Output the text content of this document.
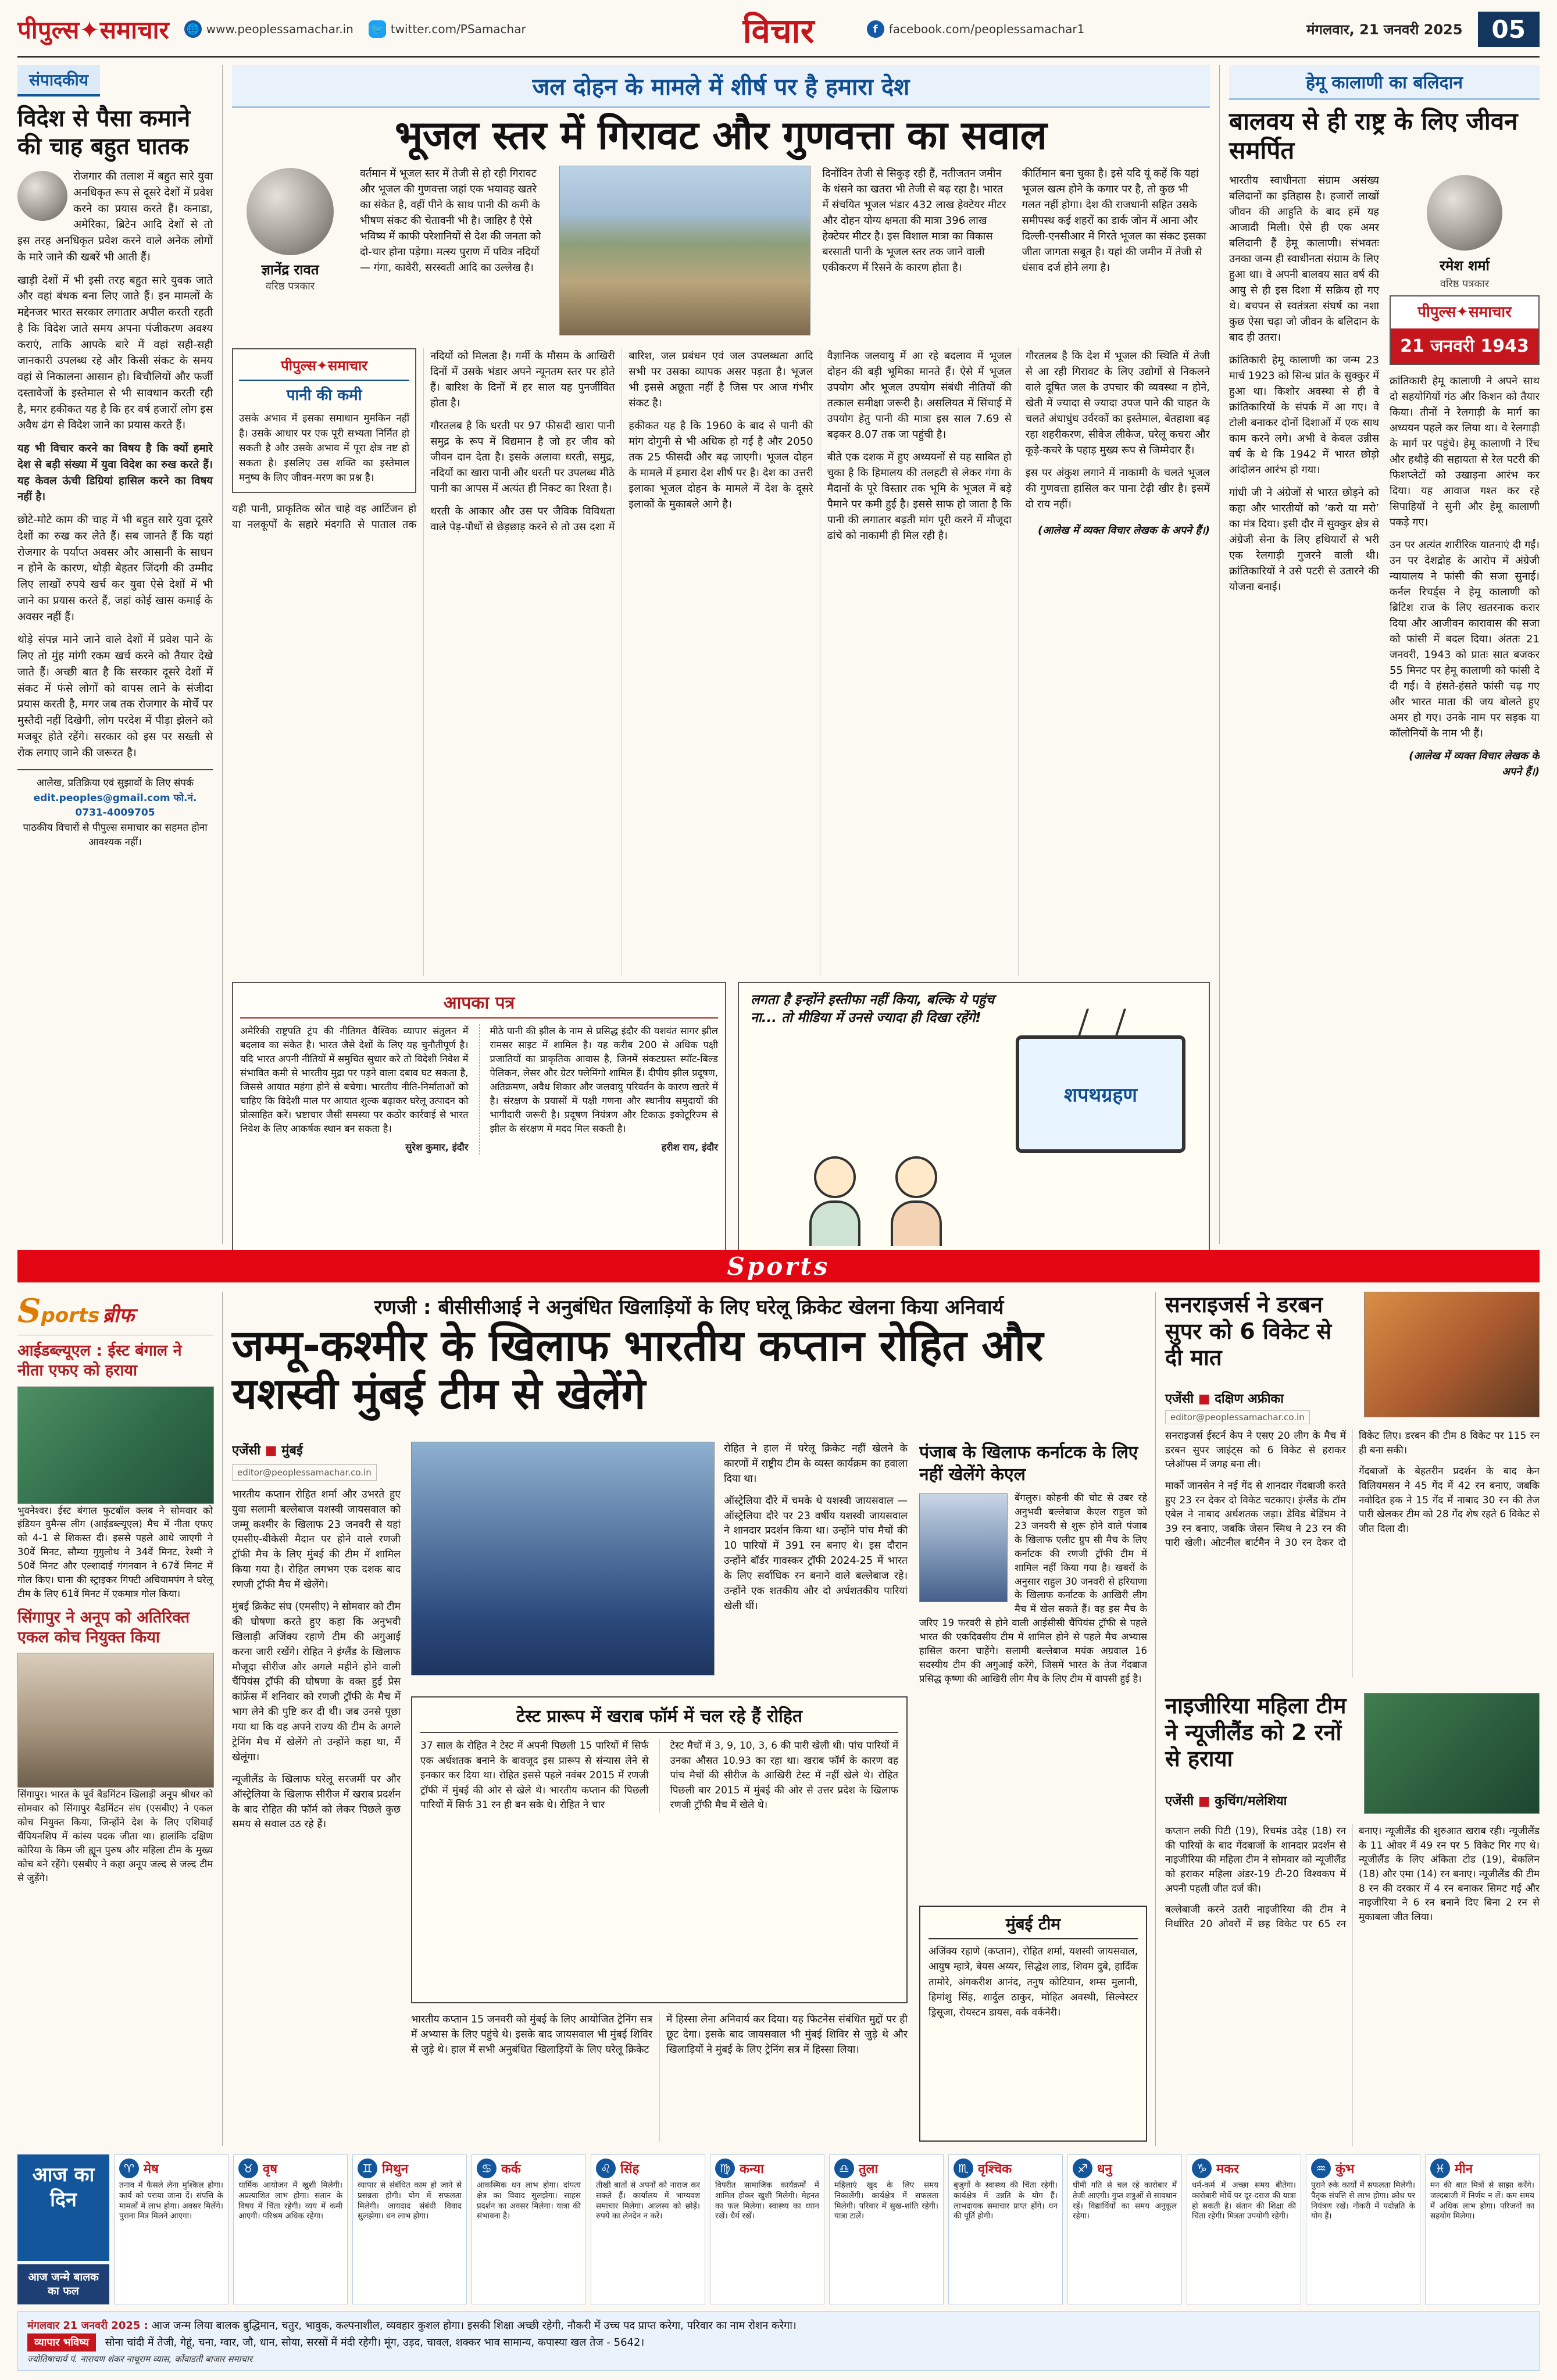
पीपुल्स✦समाचार 🌐 www.peoplessamachar.in 🐦 twitter.com/PSamachar	विचार	f facebook.com/peoplessamachar1	मंगलवार, 21 जनवरी 2025	05
संपादकीय
विदेश से पैसा कमाने की चाह बहुत घातक

रोजगार की तलाश में बहुत सारे युवा अनधिकृत रूप से दूसरे देशों में प्रवेश करने का प्रयास करते हैं। कनाडा, अमेरिका, ब्रिटेन आदि देशों से तो इस तरह अनधिकृत प्रवेश करने वाले अनेक लोगों के मारे जाने की खबरें भी आती हैं।

खाड़ी देशों में भी इसी तरह बहुत सारे युवक जाते और वहां बंधक बना लिए जाते हैं। इन मामलों के मद्देनजर भारत सरकार लगातार अपील करती रहती है कि विदेश जाते समय अपना पंजीकरण अवश्य कराएं, ताकि आपके बारे में वहां सही-सही जानकारी उपलब्ध रहे और किसी संकट के समय वहां से निकालना आसान हो। बिचौलियों और फर्जी दस्तावेजों के इस्तेमाल से भी सावधान करती रही है, मगर हकीकत यह है कि हर वर्ष हजारों लोग इस अवैध ढंग से विदेश जाने का प्रयास करते हैं।

यह भी विचार करने का विषय है कि क्यों हमारे देश से बड़ी संख्या में युवा विदेश का रुख करते हैं। यह केवल ऊंची डिग्रियां हासिल करने का विषय नहीं है।

छोटे-मोटे काम की चाह में भी बहुत सारे युवा दूसरे देशों का रुख कर लेते हैं। सब जानते हैं कि यहां रोजगार के पर्याप्त अवसर और आसानी के साधन न होने के कारण, थोड़ी बेहतर जिंदगी की उम्मीद लिए लाखों रुपये खर्च कर युवा ऐसे देशों में भी जाने का प्रयास करते हैं, जहां कोई खास कमाई के अवसर नहीं हैं।

थोड़े संपन्न माने जाने वाले देशों में प्रवेश पाने के लिए तो मुंह मांगी रकम खर्च करने को तैयार देखे जाते हैं। अच्छी बात है कि सरकार दूसरे देशों में संकट में फंसे लोगों को वापस लाने के संजीदा प्रयास करती है, मगर जब तक रोजगार के मोर्चे पर मुस्तैदी नहीं दिखेगी, लोग परदेश में पीड़ा झेलने को मजबूर होते रहेंगे। सरकार को इस पर सख्ती से रोक लगाए जाने की जरूरत है।

आलेख, प्रतिक्रिया एवं सुझावों के लिए संपर्क
edit.peoples@gmail.com फो.नं. 0731-4009705
पाठकीय विचारों से पीपुल्स समाचार का सहमत होना आवश्यक नहीं।
जल दोहन के मामले में शीर्ष पर है हमारा देश
भूजल स्तर में गिरावट और गुणवत्ता का सवाल
ज्ञानेंद्र रावत
वरिष्ठ पत्रकार
वर्तमान में भूजल स्तर में तेजी से हो रही गिरावट और भूजल की गुणवत्ता जहां एक भयावह खतरे का संकेत है, वहीं पीने के साथ पानी की कमी के भीषण संकट की चेतावनी भी है। जाहिर है ऐसे भविष्य में काफी परेशानियों से देश की जनता को दो-चार होना पड़ेगा। मत्स्य पुराण में पवित्र नदियों — गंगा, कावेरी, सरस्वती आदि का उल्लेख है।
दिनोंदिन तेजी से सिकुड़ रही हैं, नतीजतन जमीन के धंसने का खतरा भी तेजी से बढ़ रहा है। भारत में संचयित भूजल भंडार 432 लाख हेक्टेयर मीटर और दोहन योग्य क्षमता की मात्रा 396 लाख हेक्टेयर मीटर है। इस विशाल मात्रा का विकास बरसाती पानी के भूजल स्तर तक जाने वाली एकीकरण में रिसने के कारण होता है।
कीर्तिमान बना चुका है। इसे यदि यूं कहें कि यहां भूजल खत्म होने के कगार पर है, तो कुछ भी गलत नहीं होगा। देश की राजधानी सहित उसके समीपस्थ कई शहरों का डार्क जोन में आना और दिल्ली-एनसीआर में गिरते भूजल का संकट इसका जीता जागता सबूत है। यहां की जमीन में तेजी से धंसाव दर्ज होने लगा है।
पीपुल्स✦समाचार
पानी की कमी
उसके अभाव में इसका समाधान मुमकिन नहीं है। उसके आधार पर एक पूरी सभ्यता निर्मित हो सकती है और उसके अभाव में पूरा क्षेत्र नष्ट हो सकता है। इसलिए उस शक्ति का इस्तेमाल मनुष्य के लिए जीवन-मरण का प्रश्न है।

यही पानी, प्राकृतिक स्रोत चाहे वह आर्टिजन हो या नलकूपों के सहारे मंदगति से पाताल तक नदियों को मिलता है। गर्मी के मौसम के आखिरी दिनों में उसके भंडार अपने न्यूनतम स्तर पर होते हैं। बारिश के दिनों में हर साल यह पुनर्जीवित होता है।

गौरतलब है कि धरती पर 97 फीसदी खारा पानी समुद्र के रूप में विद्यमान है जो हर जीव को जीवन दान देता है। इसके अलावा धरती, समुद्र, नदियों का खारा पानी और धरती पर उपलब्ध मीठे पानी का आपस में अत्यंत ही निकट का रिश्ता है।

धरती के आकार और उस पर जैविक विविधता वाले पेड़-पौधों से छेड़छाड़ करने से तो उस दशा में बारिश, जल प्रबंधन एवं जल उपलब्धता आदि सभी पर उसका व्यापक असर पड़ता है। भूजल भी इससे अछूता नहीं है जिस पर आज गंभीर संकट है।

हकीकत यह है कि 1960 के बाद से पानी की मांग दोगुनी से भी अधिक हो गई है और 2050 तक 25 फीसदी और बढ़ जाएगी। भूजल दोहन के मामले में हमारा देश शीर्ष पर है। देश का उत्तरी इलाका भूजल दोहन के मामले में देश के दूसरे इलाकों के मुकाबले आगे है।

वैज्ञानिक जलवायु में आ रहे बदलाव में भूजल दोहन की बड़ी भूमिका मानते हैं। ऐसे में भूजल उपयोग और भूजल उपयोग संबंधी नीतियों की तत्काल समीक्षा जरूरी है। असलियत में सिंचाई में उपयोग हेतु पानी की मात्रा इस साल 7.69 से बढ़कर 8.07 तक जा पहुंची है।

बीते एक दशक में हुए अध्ययनों से यह साबित हो चुका है कि हिमालय की तलहटी से लेकर गंगा के मैदानों के पूरे विस्तार तक भूमि के भूजल में बड़े पैमाने पर कमी हुई है। इससे साफ हो जाता है कि पानी की लगातार बढ़ती मांग पूरी करने में मौजूदा ढांचे को नाकामी ही मिल रही है।

गौरतलब है कि देश में भूजल की स्थिति में तेजी से आ रही गिरावट के लिए उद्योगों से निकलने वाले दूषित जल के उपचार की व्यवस्था न होने, खेती में ज्यादा से ज्यादा उपज पाने की चाहत के चलते अंधाधुंध उर्वरकों का इस्तेमाल, बेतहाशा बढ़ रहा शहरीकरण, सीवेज लीकेज, घरेलू कचरा और कूड़े-कचरे के पहाड़ मुख्य रूप से जिम्मेदार हैं।

इस पर अंकुश लगाने में नाकामी के चलते भूजल की गुणवत्ता हासिल कर पाना टेढ़ी खीर है। इसमें दो राय नहीं।

(आलेख में व्यक्त विचार लेखक के अपने हैं।)

आपका पत्र
अमेरिकी राष्ट्रपति ट्रंप की नीतिगत वैश्विक व्यापार संतुलन में बदलाव का संकेत है। भारत जैसे देशों के लिए यह चुनौतीपूर्ण है। यदि भारत अपनी नीतियों में समुचित सुधार करे तो विदेशी निवेश में संभावित कमी से भारतीय मुद्रा पर पड़ने वाला दबाव घट सकता है, जिससे आयात महंगा होने से बचेगा। भारतीय नीति-निर्माताओं को चाहिए कि विदेशी माल पर आयात शुल्क बढ़ाकर घरेलू उत्पादन को प्रोत्साहित करें। भ्रष्टाचार जैसी समस्या पर कठोर कार्रवाई से भारत निवेश के लिए आकर्षक स्थान बन सकता है।
सुरेश कुमार, इंदौर
मीठे पानी की झील के नाम से प्रसिद्ध इंदौर की यशवंत सागर झील रामसर साइट में शामिल है। यह करीब 200 से अधिक पक्षी प्रजातियों का प्राकृतिक आवास है, जिनमें संकटग्रस्त स्पॉट-बिल्ड पेलिकन, लेसर और ग्रेटर फ्लेमिंगो शामिल हैं। दीपीय झील प्रदूषण, अतिक्रमण, अवैध शिकार और जलवायु परिवर्तन के कारण खतरे में है। संरक्षण के प्रयासों में पक्षी गणना और स्थानीय समुदायों की भागीदारी जरूरी है। प्रदूषण नियंत्रण और टिकाऊ इकोटूरिज्म से झील के संरक्षण में मदद मिल सकती है।
हरीश राय, इंदौर
लगता है इन्होंने इस्तीफा नहीं किया, बल्कि ये पहुंच ना... तो मीडिया में उनसे ज्यादा ही दिखा रहेंगे!
शपथग्रहण
हेमू कालाणी का बलिदान
बालवय से ही राष्ट्र के लिए जीवन समर्पित

भारतीय स्वाधीनता संग्राम असंख्य बलिदानों का इतिहास है। हजारों लाखों जीवन की आहुति के बाद हमें यह आजादी मिली। ऐसे ही एक अमर बलिदानी हैं हेमू कालाणी। संभवतः उनका जन्म ही स्वाधीनता संग्राम के लिए हुआ था। वे अपनी बालवय सात वर्ष की आयु से ही इस दिशा में सक्रिय हो गए थे। बचपन से स्वतंत्रता संघर्ष का नशा कुछ ऐसा चढ़ा जो जीवन के बलिदान के बाद ही उतरा।

क्रांतिकारी हेमू कालाणी का जन्म 23 मार्च 1923 को सिन्ध प्रांत के सुक्कुर में हुआ था। किशोर अवस्था से ही वे क्रांतिकारियों के संपर्क में आ गए। वे टोली बनाकर दोनों दिशाओं में एक साथ काम करने लगे। अभी वे केवल उन्नीस वर्ष के थे कि 1942 में भारत छोड़ो आंदोलन आरंभ हो गया।

गांधी जी ने अंग्रेजों से भारत छोड़ने को कहा और भारतीयों को ‘करो या मरो’ का मंत्र दिया। इसी दौर में सुक्कुर क्षेत्र से अंग्रेजी सेना के लिए हथियारों से भरी एक रेलगाड़ी गुजरने वाली थी। क्रांतिकारियों ने उसे पटरी से उतारने की योजना बनाई।

रमेश शर्मा
वरिष्ठ पत्रकार
पीपुल्स✦समाचार
21 जनवरी 1943

क्रांतिकारी हेमू कालाणी ने अपने साथ दो सहयोगियों गंठ और किशन को तैयार किया। तीनों ने रेलगाड़ी के मार्ग का अध्ययन पहले कर लिया था। वे रेलगाड़ी के मार्ग पर पहुंचे। हेमू कालाणी ने रिंच और हथौड़े की सहायता से रेल पटरी की फिशप्लेटों को उखाड़ना आरंभ कर दिया। यह आवाज गश्त कर रहे सिपाहियों ने सुनी और हेमू कालाणी पकड़े गए।

उन पर अत्यंत शारीरिक यातनाएं दी गईं। उन पर देशद्रोह के आरोप में अंग्रेजी न्यायालय ने फांसी की सजा सुनाई। कर्नल रिचर्ड्स ने हेमू कालाणी को ब्रिटिश राज के लिए खतरनाक करार दिया और आजीवन कारावास की सजा को फांसी में बदल दिया। अंततः 21 जनवरी, 1943 को प्रातः सात बजकर 55 मिनट पर हेमू कालाणी को फांसी दे दी गई। वे हंसते-हंसते फांसी चढ़ गए और भारत माता की जय बोलते हुए अमर हो गए। उनके नाम पर सड़क या कॉलोनियों के नाम भी हैं।

(आलेख में व्यक्त विचार लेखक के अपने हैं।)
Sports
Sports ब्रीफ
आईडब्ल्यूएल : ईस्ट बंगाल ने नीता एफए को हराया

भुवनेश्वर। ईस्ट बंगाल फुटबॉल क्लब ने सोमवार को इंडियन वुमैन्स लीग (आईडब्ल्यूएल) मैच में नीता एफए को 4-1 से शिकस्त दी। इससे पहले आधे जाएगी ने 30वें मिनट, सौम्या गुगुलोथ ने 34वें मिनट, रेश्मी ने 50वें मिनट और एल्शादाई गंगनवान ने 67वें मिनट में गोल किए। घाना की स्ट्राइकर गिफ्टी अचियामपंग ने घरेलू टीम के लिए 61वें मिनट में एकमात्र गोल किया।

सिंगापुर ने अनूप को अतिरिक्त एकल कोच नियुक्त किया

सिंगापुर। भारत के पूर्व बैडमिंटन खिलाड़ी अनूप श्रीधर को सोमवार को सिंगापुर बैडमिंटन संघ (एसबीए) ने एकल कोच नियुक्त किया, जिन्होंने देश के लिए एशियाई चैंपियनशिप में कांस्य पदक जीता था। हालांकि दक्षिण कोरिया के किम जी ह्यून पुरुष और महिला टीम के मुख्य कोच बने रहेंगे। एसबीए ने कहा अनूप जल्द से जल्द टीम से जुड़ेंगे।

रणजी : बीसीसीआई ने अनुबंधित खिलाड़ियों के लिए घरेलू क्रिकेट खेलना किया अनिवार्य
जम्मू-कश्मीर के खिलाफ भारतीय कप्तान रोहित और यशस्वी मुंबई टीम से खेलेंगे
एजेंसी ■ मुंबई
editor@peoplessamachar.co.in

भारतीय कप्तान रोहित शर्मा और उभरते हुए युवा सलामी बल्लेबाज यशस्वी जायसवाल को जम्मू कश्मीर के खिलाफ 23 जनवरी से यहां एमसीए-बीकेसी मैदान पर होने वाले रणजी ट्रॉफी मैच के लिए मुंबई की टीम में शामिल किया गया है। रोहित लगभग एक दशक बाद रणजी ट्रॉफी मैच में खेलेंगे।

मुंबई क्रिकेट संघ (एमसीए) ने सोमवार को टीम की घोषणा करते हुए कहा कि अनुभवी खिलाड़ी अजिंक्य रहाणे टीम की अगुआई करना जारी रखेंगे। रोहित ने इंग्लैंड के खिलाफ मौजूदा सीरीज और अगले महीने होने वाली चैंपियंस ट्रॉफी की घोषणा के वक्त हुई प्रेस कांफ्रेंस में शनिवार को रणजी ट्रॉफी के मैच में भाग लेने की पुष्टि कर दी थी। जब उनसे पूछा गया था कि वह अपने राज्य की टीम के अगले ट्रेनिंग मैच में खेलेंगे तो उन्होंने कहा था, मैं खेलूंगा।

न्यूजीलैंड के खिलाफ घरेलू सरजमीं पर और ऑस्ट्रेलिया के खिलाफ सीरीज में खराब प्रदर्शन के बाद रोहित की फॉर्म को लेकर पिछले कुछ समय से सवाल उठ रहे हैं।

रोहित ने हाल में घरेलू क्रिकेट नहीं खेलने के कारणों में राष्ट्रीय टीम के व्यस्त कार्यक्रम का हवाला दिया था।

ऑस्ट्रेलिया दौरे में चमके थे यशस्वी जायसवाल — ऑस्ट्रेलिया दौरे पर 23 वर्षीय यशस्वी जायसवाल ने शानदार प्रदर्शन किया था। उन्होंने पांच मैचों की 10 पारियों में 391 रन बनाए थे। इस दौरान उन्होंने बॉर्डर गावस्कर ट्रॉफी 2024-25 में भारत के लिए सर्वाधिक रन बनाने वाले बल्लेबाज रहे। उन्होंने एक शतकीय और दो अर्धशतकीय पारियां खेली थीं।

टेस्ट प्रारूप में खराब फॉर्म में चल रहे हैं रोहित
37 साल के रोहित ने टेस्ट में अपनी पिछली 15 पारियों में सिर्फ एक अर्धशतक बनाने के बावजूद इस प्रारूप से संन्यास लेने से इनकार कर दिया था। रोहित इससे पहले नवंबर 2015 में रणजी ट्रॉफी में मुंबई की ओर से खेले थे। भारतीय कप्तान की पिछली पारियों में सिर्फ 31 रन ही बन सके थे। रोहित ने चार
टेस्ट मैचों में 3, 9, 10, 3, 6 की पारी खेली थी। पांच पारियों में उनका औसत 10.93 का रहा था। खराब फॉर्म के कारण वह पांच मैचों की सीरीज के आखिरी टेस्ट में नहीं खेले थे। रोहित पिछली बार 2015 में मुंबई की ओर से उत्तर प्रदेश के खिलाफ रणजी ट्रॉफी मैच में खेले थे।

भारतीय कप्तान 15 जनवरी को मुंबई के लिए आयोजित ट्रेनिंग सत्र में अभ्यास के लिए पहुंचे थे। इसके बाद जायसवाल भी मुंबई शिविर से जुड़े थे। हाल में सभी अनुबंधित खिलाड़ियों के लिए घरेलू क्रिकेट

में हिस्सा लेना अनिवार्य कर दिया। यह फिटनेस संबंधित मुद्दों पर ही छूट देगा। इसके बाद जायसवाल भी मुंबई शिविर से जुड़े थे और खिलाड़ियों ने मुंबई के लिए ट्रेनिंग सत्र में हिस्सा लिया।

पंजाब के खिलाफ कर्नाटक के लिए नहीं खेलेंगे केएल
बेंगलुरु। कोहनी की चोट से उबर रहे अनुभवी बल्लेबाज केएल राहुल को 23 जनवरी से शुरू होने वाले पंजाब के खिलाफ एलीट ग्रुप सी मैच के लिए कर्नाटक की रणजी ट्रॉफी टीम में शामिल नहीं किया गया है। खबरों के अनुसार राहुल 30 जनवरी से हरियाणा के खिलाफ कर्नाटक के आखिरी लीग मैच में खेल सकते हैं। वह इस मैच के जरिए 19 फरवरी से होने वाली आईसीसी चैंपियंस ट्रॉफी से पहले भारत की एकदिवसीय टीम में शामिल होने से पहले मैच अभ्यास हासिल करना चाहेंगे। सलामी बल्लेबाज मयंक अग्रवाल 16 सदस्यीय टीम की अगुआई करेंगे, जिसमें भारत के तेज गेंदबाज प्रसिद्ध कृष्णा की आखिरी लीग मैच के लिए टीम में वापसी हुई है।
मुंबई टीम
अजिंक्य रहाणे (कप्तान), रोहित शर्मा, यशस्वी जायसवाल, आयुष म्हात्रे, बेयस अय्यर, सिद्धेश लाड, शिवम दुबे, हार्दिक तामोरे, अंगकरीश आनंद, तनुष कोटियान, शम्स मुलानी, हिमांशु सिंह, शार्दुल ठाकुर, मोहित अवस्थी, सिल्वेस्टर ड्रिसूजा, रोयस्टन डायस, वर्क वर्कनेरी।
सनराइजर्स ने डरबन सुपर को 6 विकेट से दी मात
एजेंसी ■ दक्षिण अफ्रीका
editor@peoplessamachar.co.in

सनराइजर्स ईस्टर्न केप ने एसए 20 लीग के मैच में डरबन सुपर जाइंट्स को 6 विकेट से हराकर प्लेऑफ्स में जगह बना ली।

मार्को जानसेन ने नई गेंद से शानदार गेंदबाजी करते हुए 23 रन देकर दो विकेट चटकाए। इंग्लैंड के टॉम एबेल ने नाबाद अर्धशतक जड़ा। डेविड बेडिंघम ने 39 रन बनाए, जबकि जेसन स्मिथ ने 23 रन की पारी खेली। ओटनील बार्टमैन ने 30 रन देकर दो विकेट लिए। डरबन की टीम 8 विकेट पर 115 रन ही बना सकी।

गेंदबाजों के बेहतरीन प्रदर्शन के बाद केन विलियमसन ने 45 गेंद में 42 रन बनाए, जबकि नवोदित हक ने 15 गेंद में नाबाद 30 रन की तेज पारी खेलकर टीम को 28 गेंद शेष रहते 6 विकेट से जीत दिला दी।

नाइजीरिया महिला टीम ने न्यूजीलैंड को 2 रनों से हराया
एजेंसी ■ कुचिंग/मलेशिया

कप्तान लकी पिटी (19), रिचमंड उदेह (18) रन की पारियों के बाद गेंदबाजों के शानदार प्रदर्शन से नाइजीरिया की महिला टीम ने सोमवार को न्यूजीलैंड को हराकर महिला अंडर-19 टी-20 विश्वकप में अपनी पहली जीत दर्ज की।

बल्लेबाजी करने उतरी नाइजीरिया की टीम ने निर्धारित 20 ओवरों में छह विकेट पर 65 रन बनाए। न्यूजीलैंड की शुरुआत खराब रही। न्यूजीलैंड के 11 ओवर में 49 रन पर 5 विकेट गिर गए थे। न्यूजीलैंड के लिए अंकिता टोड (19), बेकलिन (18) और एमा (14) रन बनाए। न्यूजीलैंड की टीम 8 रन की दरकार में 4 रन बनाकर सिमट गई और नाइजीरिया ने 6 रन बनाने दिए बिना 2 रन से मुकाबला जीत लिया।

आज का दिन
आज जन्मे बालक का फल
♈ मेष
तनाव में फैसले लेना मुश्किल होगा। कार्य को पराया जाना दें। संपत्ति के मामलों में लाभ होगा। अवसर मिलेंगे। पुराना मित्र मिलने आएगा।
♉ वृष
धार्मिक आयोजन में खुशी मिलेगी। अप्रत्याशित लाभ होगा। संतान के विषय में चिंता रहेगी। व्यय में कमी आएगी। परिश्रम अधिक रहेगा।
♊ मिथुन
व्यापार से संबंधित काम हो जाने से प्रसन्नता होगी। योग में सफलता मिलेगी। जायदाद संबंधी विवाद सुलझेगा। धन लाभ होगा।
♋ कर्क
आकस्मिक धन लाभ होगा। दांपत्य क्षेत्र का विवाद सुलझेगा। साहस प्रदर्शन का अवसर मिलेगा। यात्रा की संभावना है।
♌ सिंह
तीखी बातों से अपनों को नाराज कर सकते हैं। कार्यालय में भाग्यवश समाचार मिलेगा। आलस्य को छोड़ें। रुपये का लेनदेन न करें।
♍ कन्या
विपरीत सामाजिक कार्यक्रमों में शामिल होकर खुशी मिलेगी। मेहनत का फल मिलेगा। स्वास्थ्य का ध्यान रखें। धैर्य रखें।
♎ तुला
महिलाएं खुद के लिए समय निकालेंगी। कार्यक्षेत्र में सफलता मिलेगी। परिवार में सुख-शांति रहेगी। यात्रा टालें।
♏ वृश्चिक
बुजुर्गों के स्वास्थ्य की चिंता रहेगी। कार्यक्षेत्र में उन्नति के योग हैं। लाभदायक समाचार प्राप्त होंगे। धन की पूर्ति होगी।
♐ धनु
धीमी गति से चल रहे कारोबार में तेजी आएगी। गुप्त शत्रुओं से सावधान रहें। विद्यार्थियों का समय अनुकूल रहेगा।
♑ मकर
धर्म-कर्म में अच्छा समय बीतेगा। कारोबारी मोर्चे पर दूर-दराज की यात्रा हो सकती है। संतान की शिक्षा की चिंता रहेगी। मित्रता उपयोगी रहेगी।
♒ कुंभ
पुराने रुके कार्यों में सफलता मिलेगी। पैतृक संपत्ति से लाभ होगा। क्रोध पर नियंत्रण रखें। नौकरी में पदोन्नति के योग हैं।
♓ मीन
मन की बात मित्रों से साझा करेंगे। जल्दबाजी में निर्णय न लें। कम समय में अधिक लाभ होगा। परिजनों का सहयोग मिलेगा।
मंगलवार 21 जनवरी 2025 : आज जन्म लिया बालक बुद्धिमान, चतुर, भावुक, कल्पनाशील, व्यवहार कुशल होगा। इसकी शिक्षा अच्छी रहेगी, नौकरी में उच्च पद प्राप्त करेगा, परिवार का नाम रोशन करेगा।
व्यापार भविष्य सोना चांदी में तेजी, गेहूं, चना, ग्वार, जौ, धान, सोया, सरसों में मंदी रहेगी। मूंग, उड़द, चावल, शक्कर भाव सामान्य, कपास्या खल तेज - 5642।
ज्योतिषाचार्य पं. नारायण शंकर नाथूराम व्यास, कोंवाडती बाजार समाचार
